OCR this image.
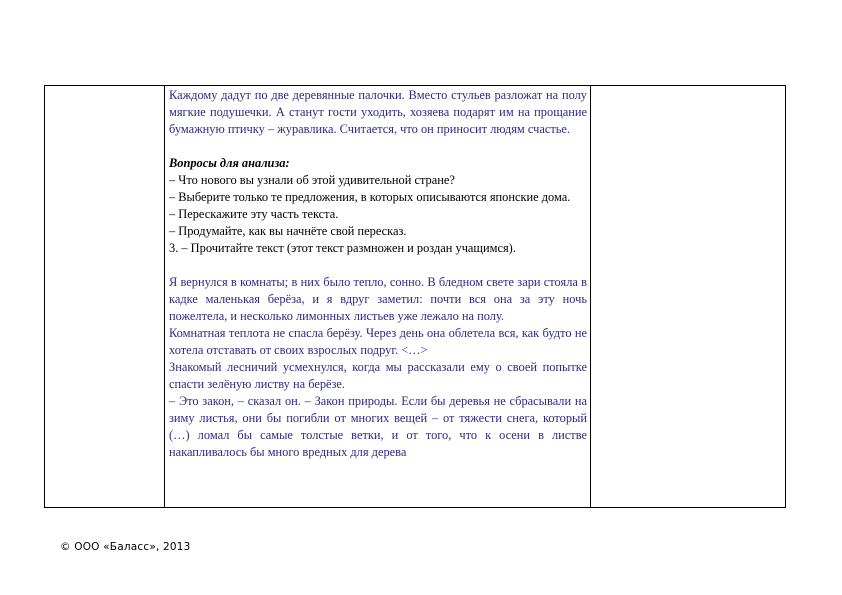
Каждому дадут по две деревянные палочки. Вместо стульев разложат на полу мягкие подушечки. А станут гости уходить, хозяева подарят им на прощание бумажную птичку – журавлика. Считается, что он приносит людям счастье.

Вопросы для анализа:

– Что нового вы узнали об этой удивительной стране?

– Выберите только те предложения, в которых описываются японские дома.

– Перескажите эту часть текста.

– Продумайте, как вы начнёте свой пересказ.

3. – Прочитайте текст (этот текст размножен и роздан учащимся).

Я вернулся в комнаты; в них было тепло, сонно. В бледном свете зари стояла в кадке маленькая берёза, и я вдруг заметил: почти вся она за эту ночь пожелтела, и несколько лимонных листьев уже лежало на полу.

Комнатная теплота не спасла берёзу. Через день она облетела вся, как будто не хотела отставать от своих взрослых подруг. <…>

Знакомый лесничий усмехнулся, когда мы рассказали ему о своей попытке спасти зелёную листву на берёзе.

– Это закон, – сказал он. – Закон природы. Если бы деревья не сбрасывали на зиму листья, они бы погибли от многих вещей – от тяжести снега, который (…) ломал бы самые толстые ветки, и от того, что к осени в листве накапливалось бы много вредных для дерева

© ООО «Баласс», 2013
